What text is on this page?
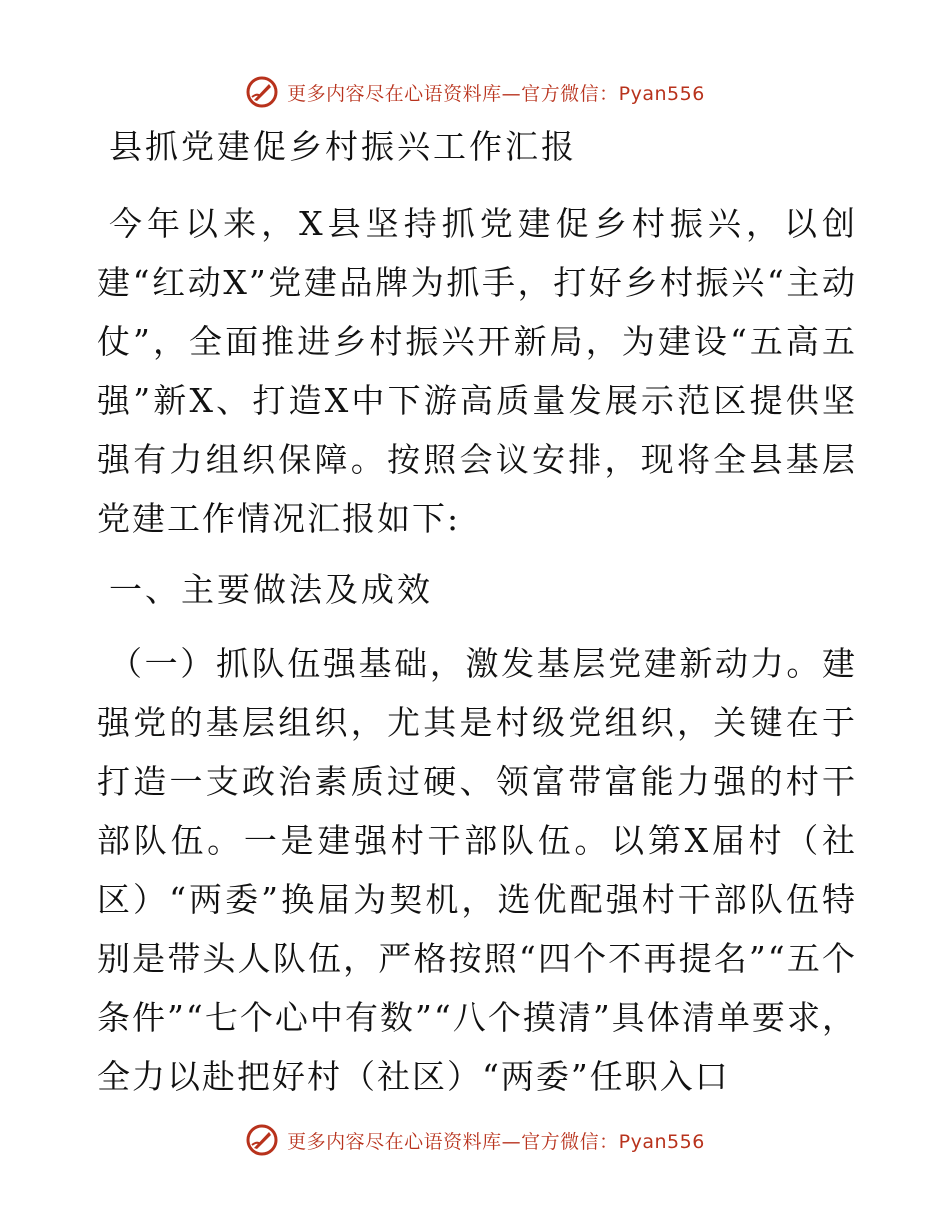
更多内容尽在心语资料库—官方微信：Pyan556
县抓党建促乡村振兴工作汇报

今年以来，X县坚持抓党建促乡村振兴，以创建“红动X”党建品牌为抓手，打好乡村振兴“主动仗”，全面推进乡村振兴开新局，为建设“五高五强”新X、打造X中下游高质量发展示范区提供坚强有力组织保障。按照会议安排，现将全县基层党建工作情况汇报如下:

一、主要做法及成效

（一）抓队伍强基础，激发基层党建新动力。建强党的基层组织，尤其是村级党组织，关键在于打造一支政治素质过硬、领富带富能力强的村干部队伍。一是建强村干部队伍。以第X届村（社区）“两委”换届为契机，选优配强村干部队伍特别是带头人队伍，严格按照“四个不再提名”“五个条件”“七个心中有数”“八个摸清”具体清单要求，全力以赴把好村（社区）“两委”任职入口

更多内容尽在心语资料库—官方微信：Pyan556
